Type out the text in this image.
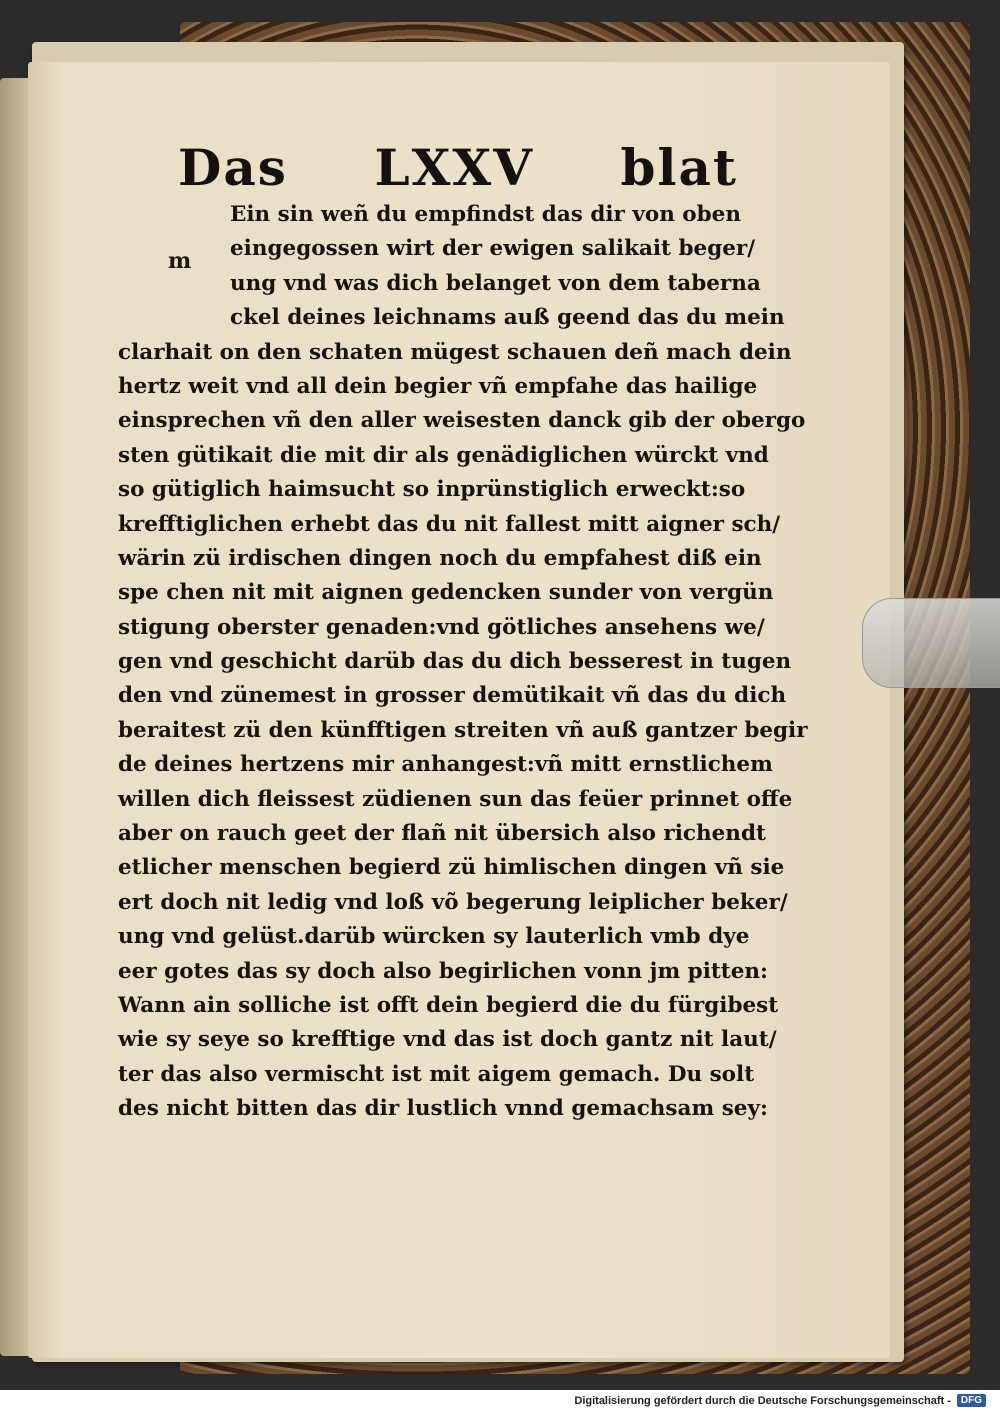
Das LXXV blat
m
Ein sin weñ du empfindst das dir von oben
eingegossen wirt der ewigen salikait beger/
ung vnd was dich belanget von dem taberna
ckel deines leichnams auß geend das du mein
clarhait on den schaten mügest schauen deñ mach dein
hertz weit vnd all dein begier vñ empfahe das hailige
einsprechen vñ den aller weisesten danck gib der obergo
sten gütikait die mit dir als genädiglichen würckt vnd
so gütiglich haimsucht so inprünstiglich erweckt:so
krefftiglichen erhebt das du nit fallest mitt aigner sch/
wärin zü irdischen dingen noch du empfahest diß ein
spe chen nit mit aignen gedencken sunder von vergün
stigung oberster genaden:vnd götliches ansehens we/
gen vnd geschicht darüb das du dich besserest in tugen
den vnd zünemest in grosser demütikait vñ das du dich
beraitest zü den künfftigen streiten vñ auß gantzer begir
de deines hertzens mir anhangest:vñ mitt ernstlichem
willen dich fleissest züdienen sun das feüer prinnet offe
aber on rauch geet der flañ nit übersich also richendt
etlicher menschen begierd zü himlischen dingen vñ sie
ert doch nit ledig vnd loß võ begerung leiplicher beker/
ung vnd gelüst.darüb würcken sy lauterlich vmb dye
eer gotes das sy doch also begirlichen vonn jm pitten:
Wann ain solliche ist offt dein begierd die du fürgibest
wie sy seye so krefftige vnd das ist doch gantz nit laut/
ter das also vermischt ist mit aigem gemach. Du solt
des nicht bitten das dir lustlich vnnd gemachsam sey:
Digitalisierung gefördert durch die Deutsche Forschungsgemeinschaft -	DFG
